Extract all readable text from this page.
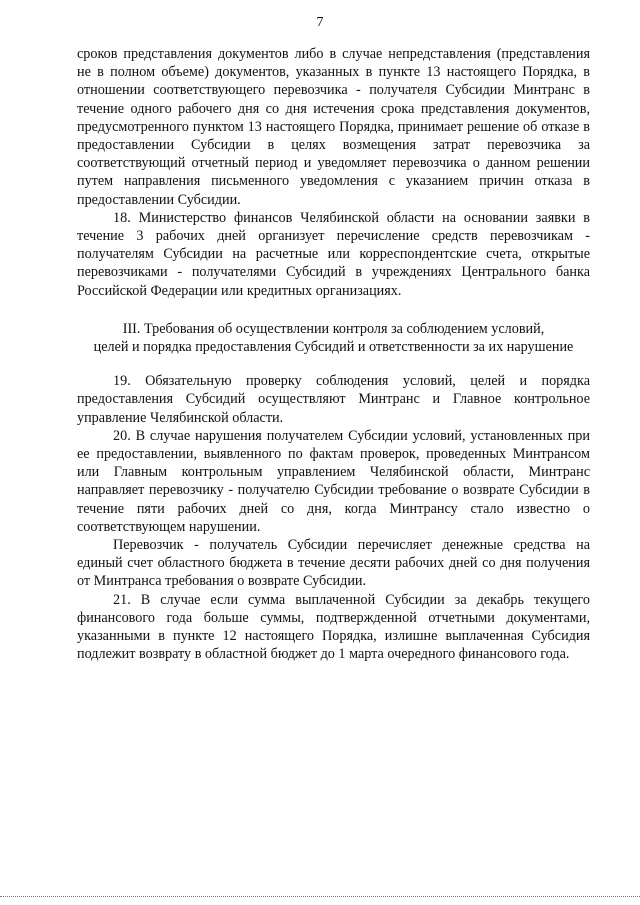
7

сроков представления документов либо в случае непредставления (представления не в полном объеме) документов, указанных в пункте 13 настоящего Порядка, в отношении соответствующего перевозчика - получателя Субсидии Минтранс в течение одного рабочего дня со дня истечения срока представления документов, предусмотренного пунктом 13 настоящего Порядка, принимает решение об отказе в предоставлении Субсидии в целях возмещения затрат перевозчика за соответствующий отчетный период и уведомляет перевозчика о данном решении путем направления письменного уведомления с указанием причин отказа в предоставлении Субсидии.

18. Министерство финансов Челябинской области на основании заявки в течение 3 рабочих дней организует перечисление средств перевозчикам - получателям Субсидии на расчетные или корреспондентские счета, открытые перевозчиками - получателями Субсидий в учреждениях Центрального банка Российской Федерации или кредитных организациях.

III. Требования об осуществлении контроля за соблюдением условий,
целей и порядка предоставления Субсидий и ответственности за их нарушение

19. Обязательную проверку соблюдения условий, целей и порядка предоставления Субсидий осуществляют Минтранс и Главное контрольное управление Челябинской области.

20. В случае нарушения получателем Субсидии условий, установленных при ее предоставлении, выявленного по фактам проверок, проведенных Минтрансом или Главным контрольным управлением Челябинской области, Минтранс направляет перевозчику - получателю Субсидии требование о возврате Субсидии в течение пяти рабочих дней со дня, когда Минтрансу стало известно о соответствующем нарушении.

Перевозчик - получатель Субсидии перечисляет денежные средства на единый счет областного бюджета в течение десяти рабочих дней со дня получения от Минтранса требования о возврате Субсидии.

21. В случае если сумма выплаченной Субсидии за декабрь текущего финансового года больше суммы, подтвержденной отчетными документами, указанными в пункте 12 настоящего Порядка, излишне выплаченная Субсидия подлежит возврату в областной бюджет до 1 марта очередного финансового года.
